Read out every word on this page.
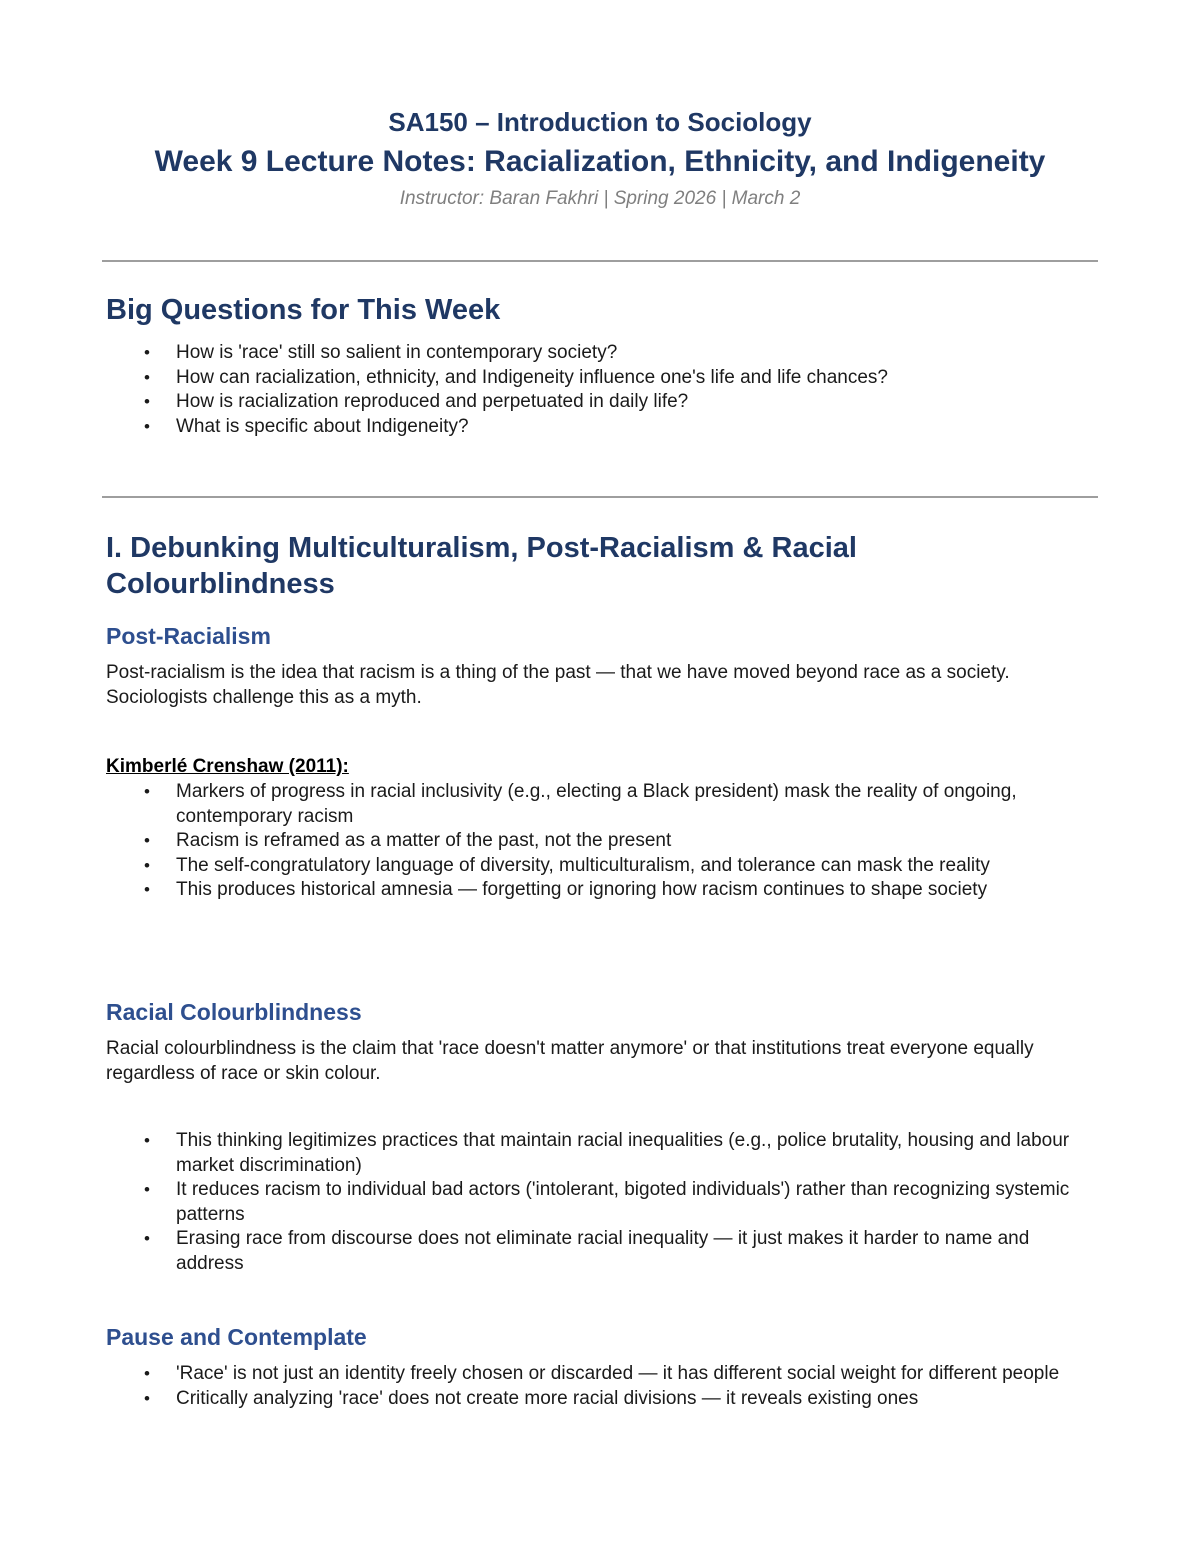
SA150 – Introduction to Sociology
Week 9 Lecture Notes: Racialization, Ethnicity, and Indigeneity
Instructor: Baran Fakhri | Spring 2026 | March 2
Big Questions for This Week
• How is 'race' still so salient in contemporary society?
• How can racialization, ethnicity, and Indigeneity influence one's life and life chances?
• How is racialization reproduced and perpetuated in daily life?
• What is specific about Indigeneity?
I. Debunking Multiculturalism, Post-Racialism & Racial Colourblindness
Post-Racialism

Post-racialism is the idea that racism is a thing of the past — that we have moved beyond race as a society. Sociologists challenge this as a myth.

Kimberlé Crenshaw (2011):
• Markers of progress in racial inclusivity (e.g., electing a Black president) mask the reality of ongoing, contemporary racism
• Racism is reframed as a matter of the past, not the present
• The self-congratulatory language of diversity, multiculturalism, and tolerance can mask the reality
• This produces historical amnesia — forgetting or ignoring how racism continues to shape society
Racial Colourblindness

Racial colourblindness is the claim that 'race doesn't matter anymore' or that institutions treat everyone equally regardless of race or skin colour.

• This thinking legitimizes practices that maintain racial inequalities (e.g., police brutality, housing and labour market discrimination)
• It reduces racism to individual bad actors ('intolerant, bigoted individuals') rather than recognizing systemic patterns
• Erasing race from discourse does not eliminate racial inequality — it just makes it harder to name and address
Pause and Contemplate
• 'Race' is not just an identity freely chosen or discarded — it has different social weight for different people
• Critically analyzing 'race' does not create more racial divisions — it reveals existing ones
